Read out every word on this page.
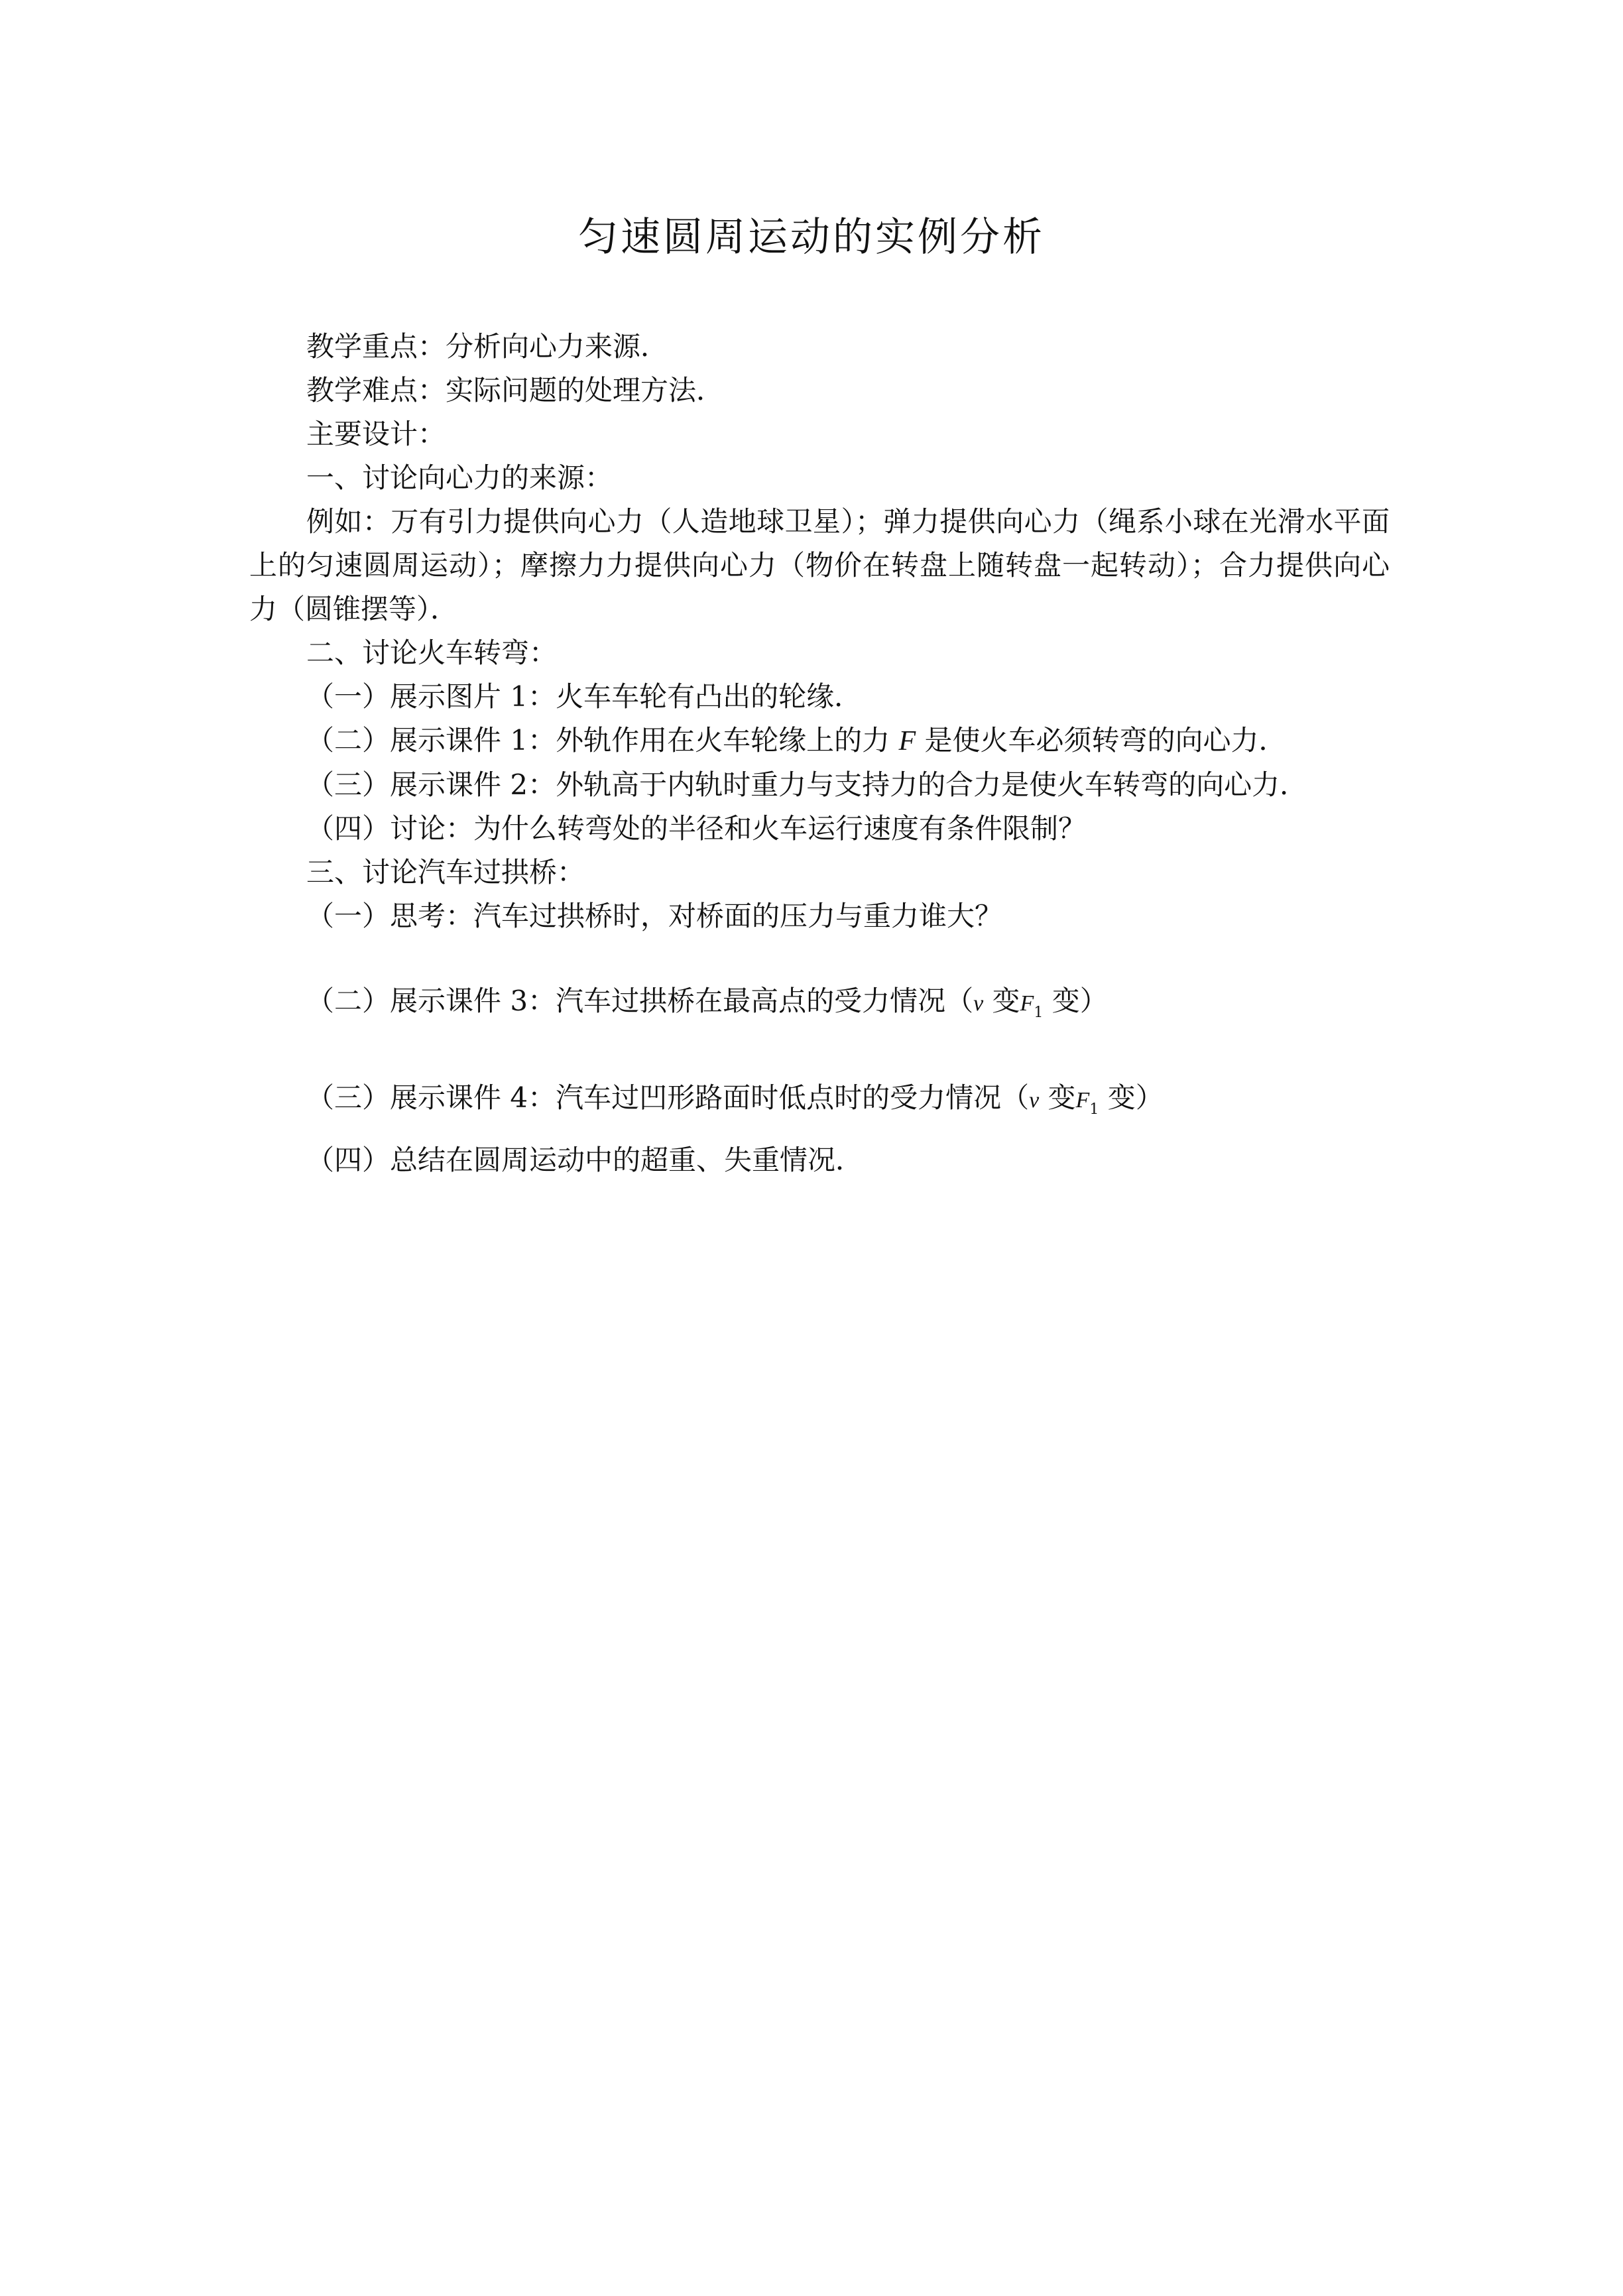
匀速圆周运动的实例分析

教学重点：分析向心力来源．

教学难点：实际问题的处理方法．

主要设计：

一、讨论向心力的来源：

例如：万有引力提供向心力（人造地球卫星）；弹力提供向心力（绳系小球在光滑水平面上的匀速圆周运动）；摩擦力力提供向心力（物价在转盘上随转盘一起转动）；合力提供向心力（圆锥摆等）．

二、讨论火车转弯：

（一）展示图片 1：火车车轮有凸出的轮缘．

（二）展示课件 1：外轨作用在火车轮缘上的力 F 是使火车必须转弯的向心力．

（三）展示课件 2：外轨高于内轨时重力与支持力的合力是使火车转弯的向心力．

（四）讨论：为什么转弯处的半径和火车运行速度有条件限制？

三、讨论汽车过拱桥：

（一）思考：汽车过拱桥时，对桥面的压力与重力谁大？

（二）展示课件 3：汽车过拱桥在最高点的受力情况（v 变$F_1$ 变）

（三）展示课件 4：汽车过凹形路面时低点时的受力情况（v 变$F_1$ 变）

（四）总结在圆周运动中的超重、失重情况．
